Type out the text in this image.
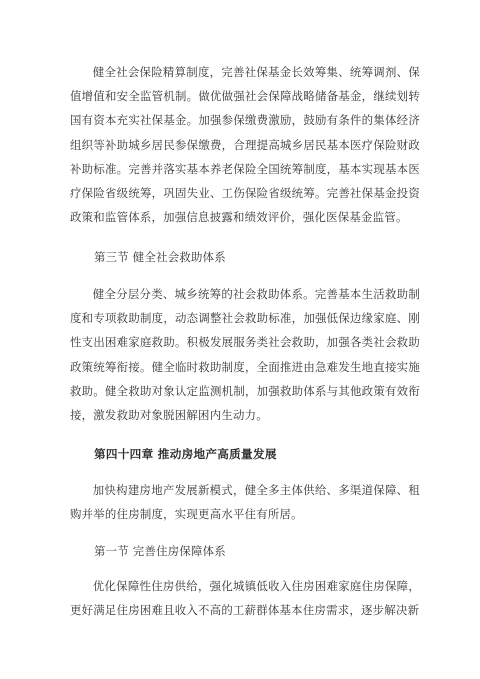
健全社会保险精算制度，完善社保基金长效筹集、统筹调剂、保值增值和安全监管机制。做优做强社会保障战略储备基金，继续划转国有资本充实社保基金。加强参保缴费激励，鼓励有条件的集体经济组织等补助城乡居民参保缴费，合理提高城乡居民基本医疗保险财政补助标准。完善并落实基本养老保险全国统筹制度，基本实现基本医疗保险省级统筹，巩固失业、工伤保险省级统筹。完善社保基金投资政策和监管体系，加强信息披露和绩效评价，强化医保基金监管。

第三节 健全社会救助体系

健全分层分类、城乡统筹的社会救助体系。完善基本生活救助制度和专项救助制度，动态调整社会救助标准，加强低保边缘家庭、刚性支出困难家庭救助。积极发展服务类社会救助，加强各类社会救助政策统筹衔接。健全临时救助制度，全面推进由急难发生地直接实施救助。健全救助对象认定监测机制，加强救助体系与其他政策有效衔接，激发救助对象脱困解困内生动力。

第四十四章 推动房地产高质量发展

加快构建房地产发展新模式，健全多主体供给、多渠道保障、租购并举的住房制度，实现更高水平住有所居。

第一节 完善住房保障体系

优化保障性住房供给，强化城镇低收入住房困难家庭住房保障，更好满足住房困难且收入不高的工薪群体基本住房需求，逐步解决新
